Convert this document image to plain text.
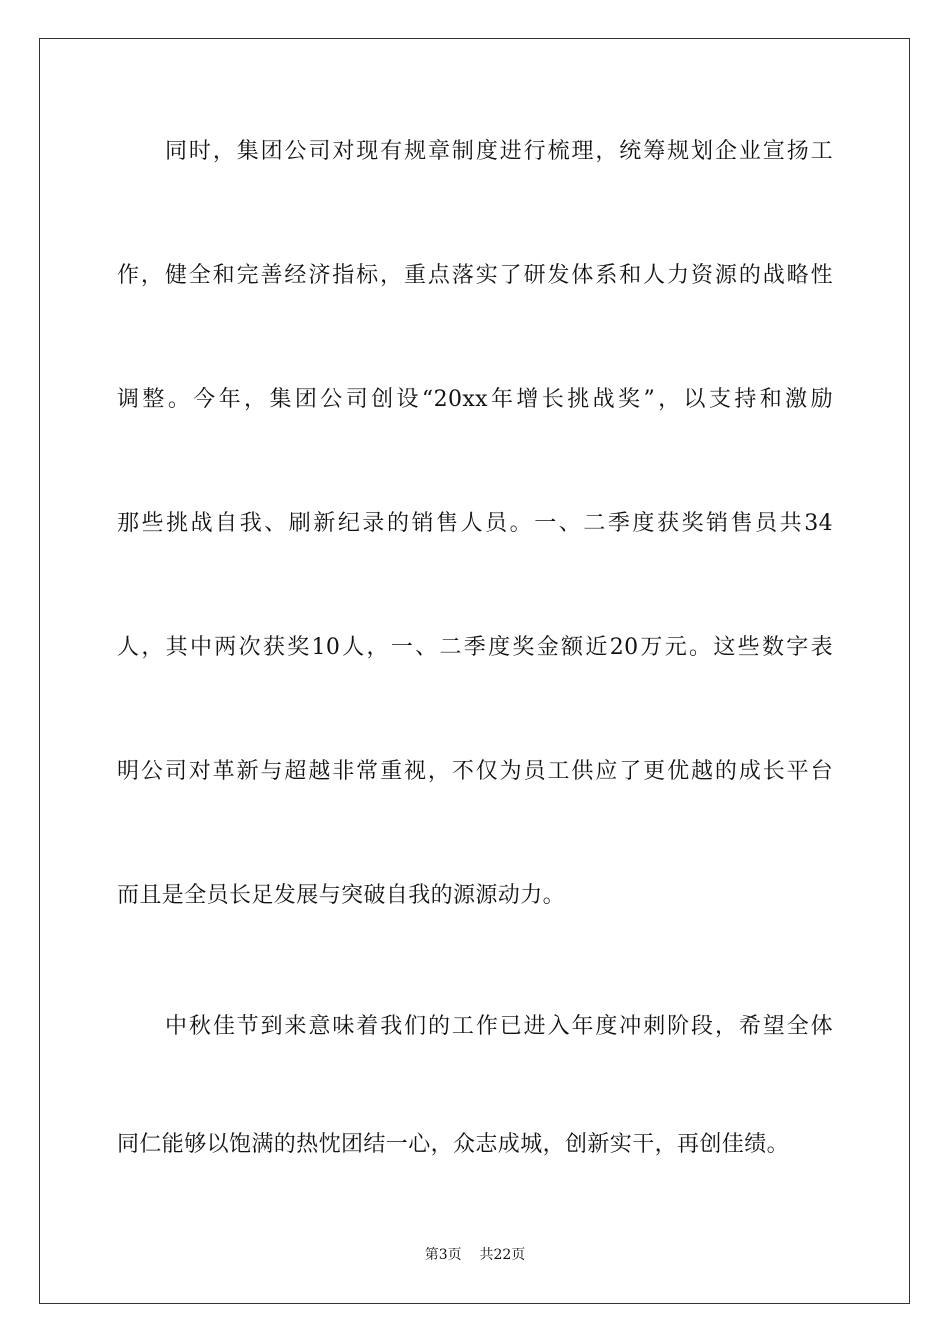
同时，集团公司对现有规章制度进行梳理，统筹规划企业宣扬工
作，健全和完善经济指标，重点落实了研发体系和人力资源的战略性
调整。今年，集团公司创设“20xx年增长挑战奖”，以支持和激励
那些挑战自我、刷新纪录的销售人员。一、二季度获奖销售员共34
人，其中两次获奖10人，一、二季度奖金额近20万元。这些数字表
明公司对革新与超越非常重视，不仅为员工供应了更优越的成长平台
而且是全员长足发展与突破自我的源源动力。
中秋佳节到来意味着我们的工作已进入年度冲刺阶段，希望全体
同仁能够以饱满的热忱团结一心，众志成城，创新实干，再创佳绩。
第3页 共22页
